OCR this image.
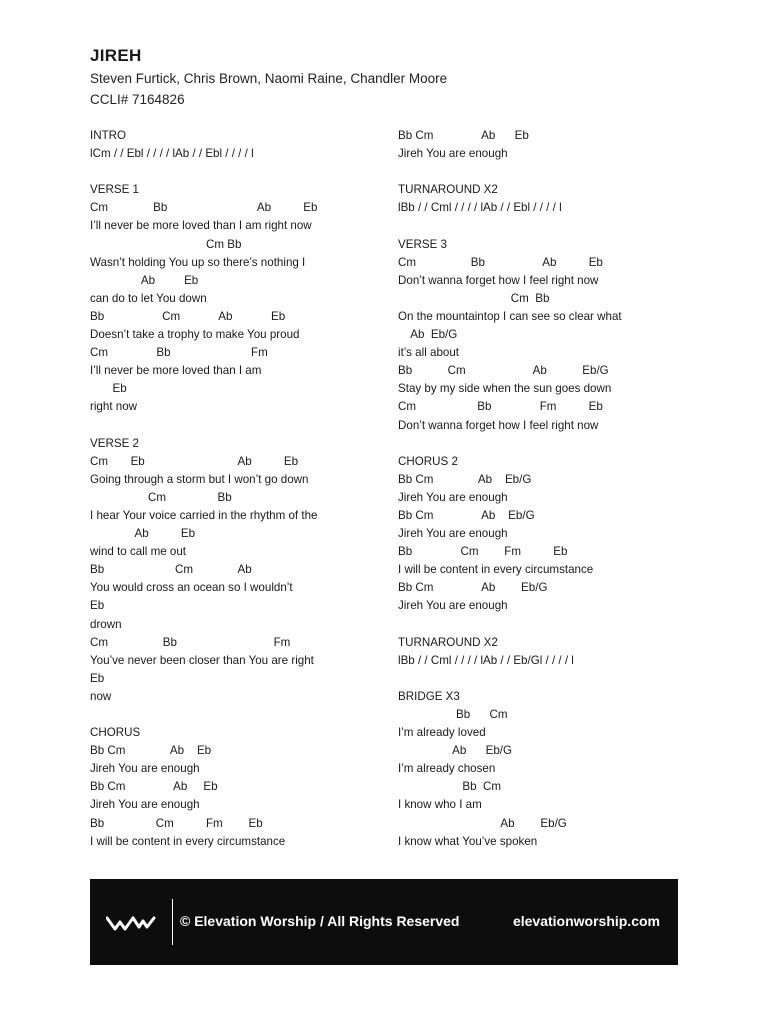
JIREH
Steven Furtick, Chris Brown, Naomi Raine, Chandler Moore
CCLI# 7164826
INTRO
lCm / / Ebl / / / / lAb / / Ebl / / / / l
VERSE 1
Cm              Bb                            Ab          Eb
I’ll never be more loved than I am right now
Cm Bb
Wasn’t holding You up so there’s nothing I
Ab         Eb
can do to let You down
Bb                  Cm            Ab            Eb
Doesn’t take a trophy to make You proud
Cm               Bb                         Fm
I’ll never be more loved than I am
Eb
right now
VERSE 2
Cm       Eb                             Ab          Eb
Going through a storm but I won’t go down
Cm                Bb
I hear Your voice carried in the rhythm of the
Ab          Eb
wind to call me out
Bb                      Cm              Ab
You would cross an ocean so I wouldn’t
Eb
drown
Cm                 Bb                              Fm
You’ve never been closer than You are right
Eb
now
CHORUS
Bb Cm              Ab    Eb
Jireh You are enough
Bb Cm               Ab     Eb
Jireh You are enough
Bb                Cm          Fm        Eb
I will be content in every circumstance
Bb Cm               Ab      Eb
Jireh You are enough
TURNAROUND X2
lBb / / Cml / / / / lAb / / Ebl / / / / l
VERSE 3
Cm                 Bb                  Ab          Eb
Don’t wanna forget how I feel right now
Cm  Bb
On the mountaintop I can see so clear what
Ab  Eb/G
it’s all about
Bb           Cm                     Ab           Eb/G
Stay by my side when the sun goes down
Cm                   Bb               Fm          Eb
Don’t wanna forget how I feel right now
CHORUS 2
Bb Cm              Ab    Eb/G
Jireh You are enough
Bb Cm               Ab    Eb/G
Jireh You are enough
Bb               Cm        Fm          Eb
I will be content in every circumstance
Bb Cm               Ab        Eb/G
Jireh You are enough
TURNAROUND X2
lBb / / Cml / / / / lAb / / Eb/Gl / / / / l
BRIDGE X3
Bb      Cm
I’m already loved
Ab      Eb/G
I’m already chosen
Bb  Cm
I know who I am
Ab        Eb/G
I know what You’ve spoken
© Elevation Worship / All Rights Reserved	elevationworship.com
